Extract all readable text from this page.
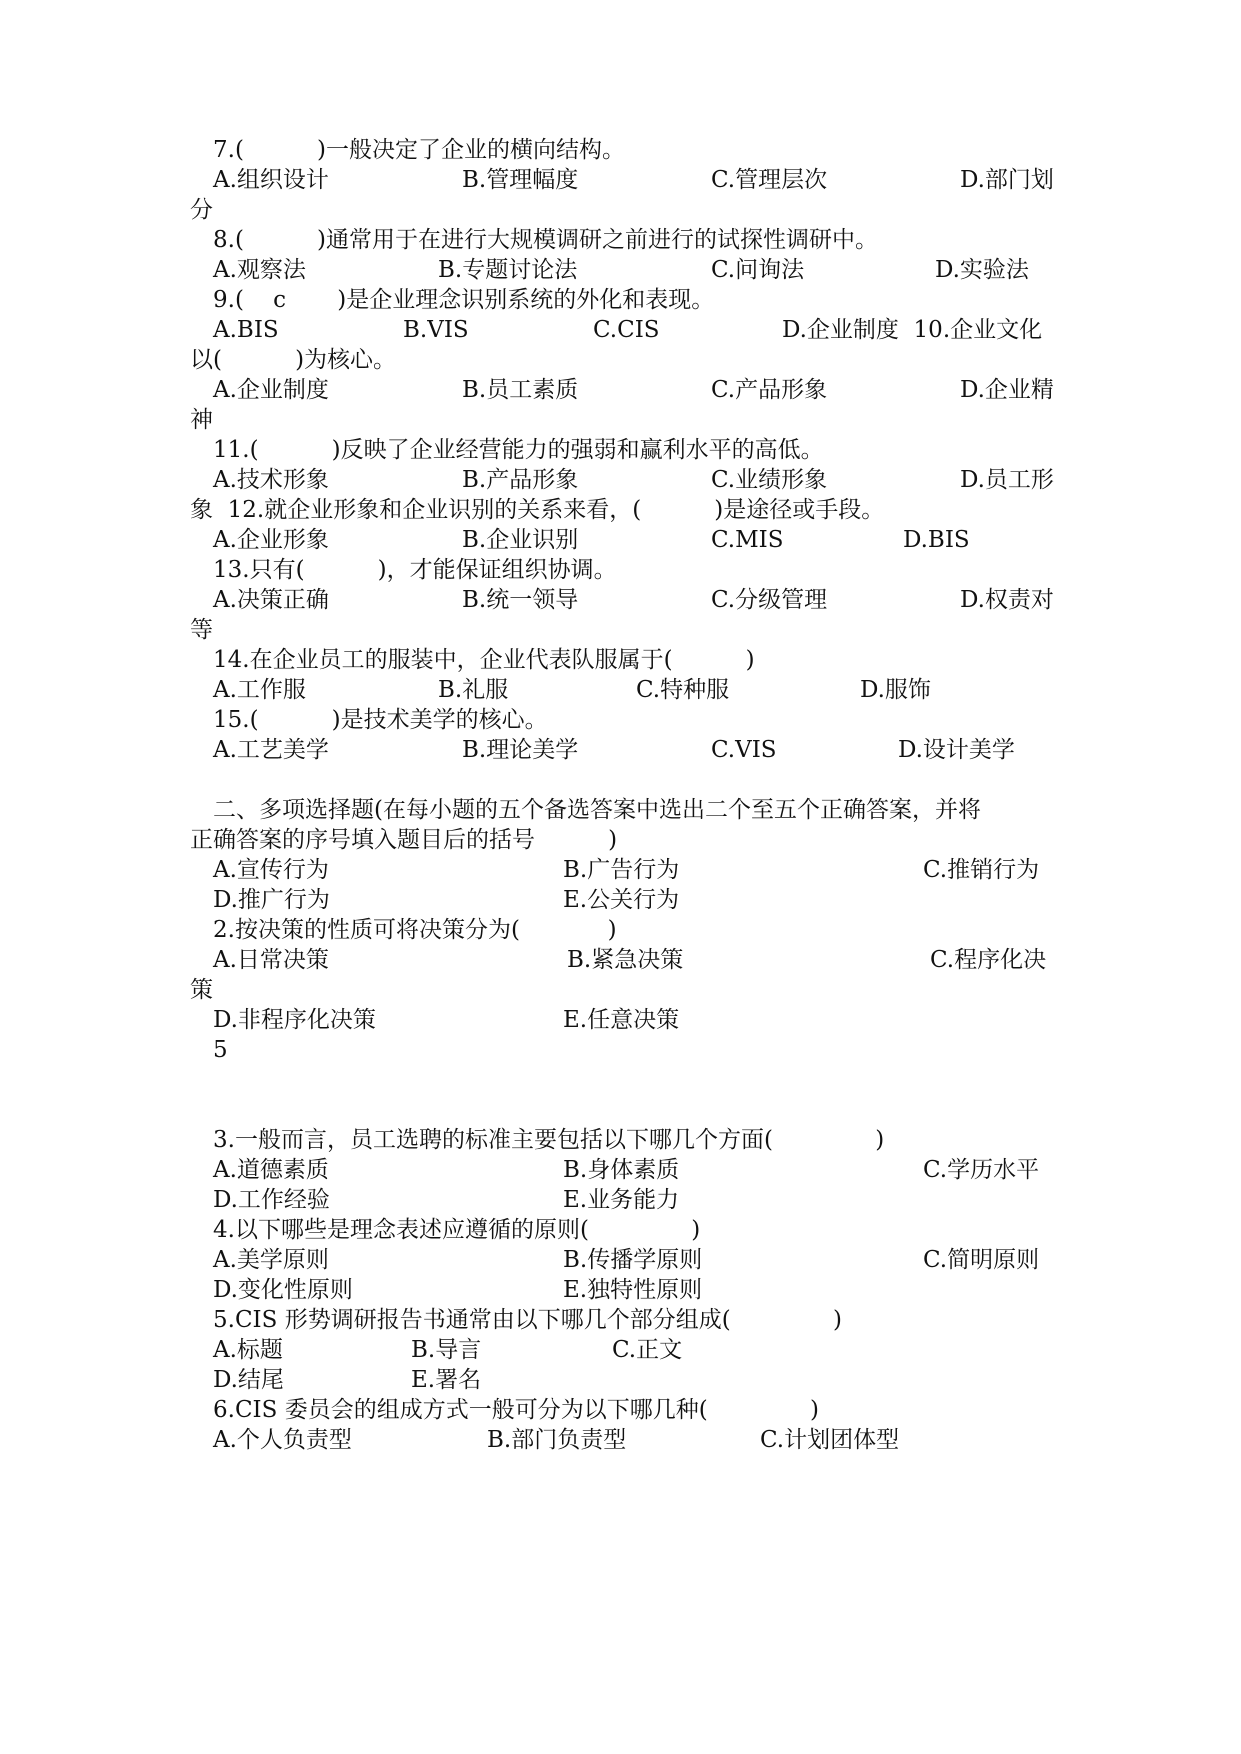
7.(          )一般决定了企业的横向结构。
A.组织设计	B.管理幅度	C.管理层次	D.部门划
分
8.(          )通常用于在进行大规模调研之前进行的试探性调研中。
A.观察法	B.专题讨论法	C.问询法	D.实验法
9.(    c       )是企业理念识别系统的外化和表现。
A.BIS	B.VIS	C.CIS	D.企业制度  10.企业文化
以(          )为核心。
A.企业制度	B.员工素质	C.产品形象	D.企业精
神
11.(          )反映了企业经营能力的强弱和赢利水平的高低。
A.技术形象	B.产品形象	C.业绩形象	D.员工形
象  12.就企业形象和企业识别的关系来看，(          )是途径或手段。
A.企业形象	B.企业识别	C.MIS	D.BIS
13.只有(          )，才能保证组织协调。
A.决策正确	B.统一领导	C.分级管理	D.权责对
等
14.在企业员工的服装中，企业代表队服属于(          )
A.工作服	B.礼服	C.特种服	D.服饰
15.(          )是技术美学的核心。
A.工艺美学	B.理论美学	C.VIS	D.设计美学
二、多项选择题(在每小题的五个备选答案中选出二个至五个正确答案，并将
正确答案的序号填入题目后的括号          )
A.宣传行为	B.广告行为	C.推销行为
D.推广行为	E.公关行为
2.按决策的性质可将决策分为(            )
A.日常决策	B.紧急决策	C.程序化决
策
D.非程序化决策	E.任意决策
5
3.一般而言，员工选聘的标准主要包括以下哪几个方面(              )
A.道德素质	B.身体素质	C.学历水平
D.工作经验	E.业务能力
4.以下哪些是理念表述应遵循的原则(              )
A.美学原则	B.传播学原则	C.简明原则
D.变化性原则	E.独特性原则
5.CIS 形势调研报告书通常由以下哪几个部分组成(              )
A.标题	B.导言	C.正文
D.结尾	E.署名
6.CIS 委员会的组成方式一般可分为以下哪几种(              )
A.个人负责型	B.部门负责型	C.计划团体型
